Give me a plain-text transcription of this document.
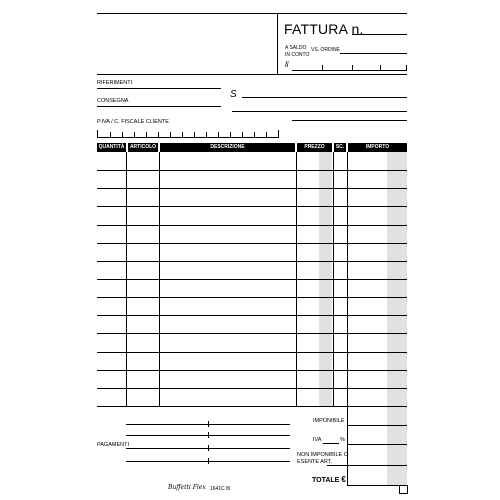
FATTURA n.
A SALDO
IN CONTO
VS. ORDINE
li
RIFERIMENTI
S
CONSEGNA
P.IVA / C. FISCALE CLIENTE
QUANTITÀ	ARTICOLO	DESCRIZIONE	PREZZO	SC.	IMPORTO
IMPONIBILE
IVA	%
NON IMPONIBILE O
ESENTE ART.
TOTALE €
PAGAMENTI
Buffetti Flex 1641C 8/
